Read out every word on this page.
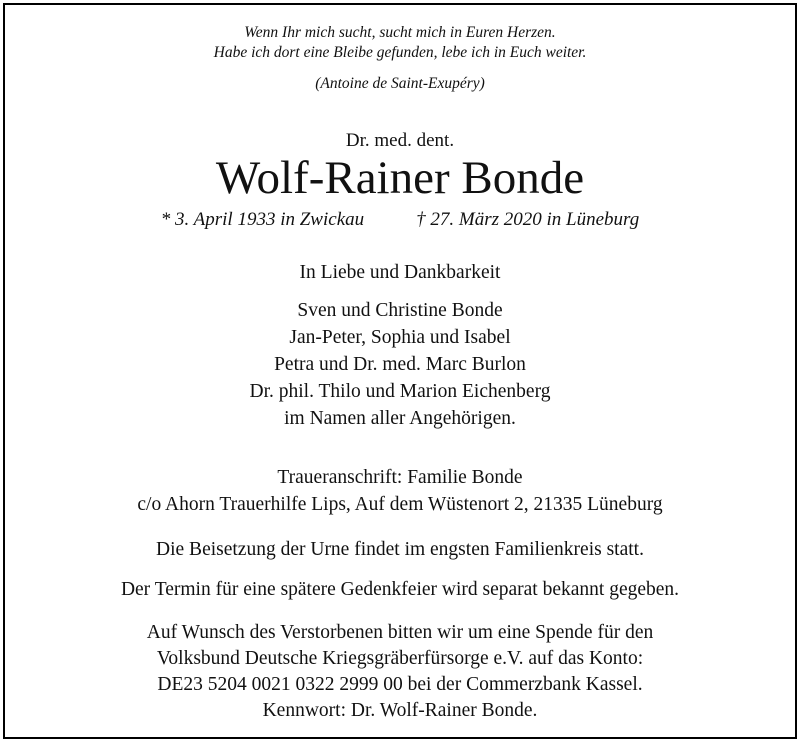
Wenn Ihr mich sucht, sucht mich in Euren Herzen.
Habe ich dort eine Bleibe gefunden, lebe ich in Euch weiter.
(Antoine de Saint-Exupéry)
Dr. med. dent.
Wolf-Rainer Bonde
* 3. April 1933 in Zwickau	† 27. März 2020 in Lüneburg
In Liebe und Dankbarkeit
Sven und Christine Bonde
Jan-Peter, Sophia und Isabel
Petra und Dr. med. Marc Burlon
Dr. phil. Thilo und Marion Eichenberg
im Namen aller Angehörigen.
Traueranschrift: Familie Bonde
c/o Ahorn Trauerhilfe Lips, Auf dem Wüstenort 2, 21335 Lüneburg
Die Beisetzung der Urne findet im engsten Familienkreis statt.
Der Termin für eine spätere Gedenkfeier wird separat bekannt gegeben.
Auf Wunsch des Verstorbenen bitten wir um eine Spende für den
Volksbund Deutsche Kriegsgräberfürsorge e.V. auf das Konto:
DE23 5204 0021 0322 2999 00 bei der Commerzbank Kassel.
Kennwort: Dr. Wolf-Rainer Bonde.
